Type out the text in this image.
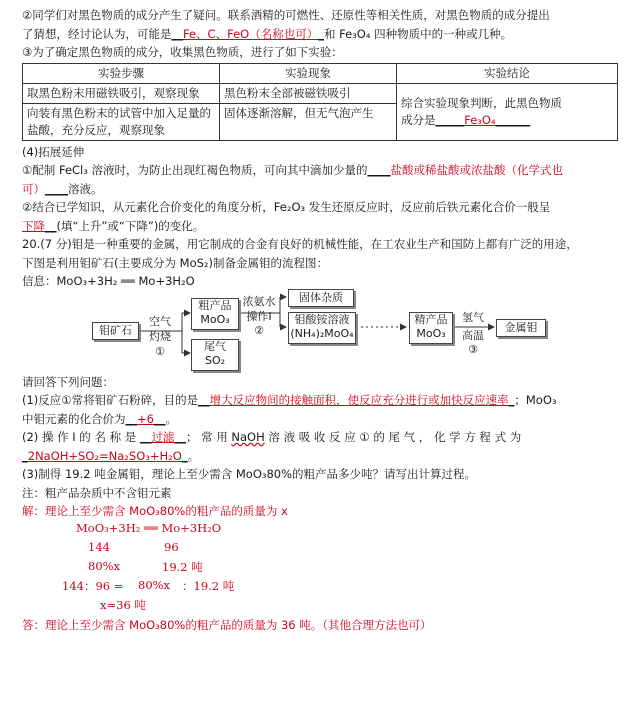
②同学们对黑色物质的成分产生了疑问。联系酒精的可燃性、还原性等相关性质，对黑色物质的成分提出
了猜想，经讨论认为，可能是__Fe、C、FeO（名称也可）_和 Fe₃O₄ 四种物质中的一种或几种。
③为了确定黑色物质的成分，收集黑色物质，进行了如下实验：
实验步骤	实验现象	实验结论
取黑色粉末用磁铁吸引，观察现象	黑色粉末全部被磁铁吸引	综合实验现象判断，此黑色物质
成分是_____Fe₃O₄______

向装有黑色粉末的试管中加入足量的盐酸，充分反应，观察现象	固体逐渐溶解，但无气泡产生	
(4)拓展延伸
①配制 FeCl₃ 溶液时，为防止出现红褐色物质，可向其中滴加少量的____盐酸或稀盐酸或浓盐酸（化学式也
可）____溶液。
②结合已学知识，从元素化合价变化的角度分析，Fe₂O₃ 发生还原反应时，反应前后铁元素化合价一般呈
下降__(填“上升”或“下降”)的变化。
20.(7 分)钼是一种重要的金属，用它制成的合金有良好的机械性能，在工农业生产和国防上都有广泛的用途，
下图是利用钼矿石(主要成分为 MoS₂)制备金属钼的流程图：
信息：MoO₃+3H₂ ══ Mo+3H₂O
钼矿石
空气
灼烧
①
粗产品
MoO₃
尾气
SO₂
浓氨水
操作Ⅰ
②
固体杂质
钼酸铵溶液
(NH₄)₂MoO₄
精产品
MoO₃
氢气
高温
③
金属钼
请回答下列问题：
(1)反应①常将钼矿石粉碎，目的是__增大反应物间的接触面积，使反应充分进行或加快反应速率_；MoO₃
中钼元素的化合价为__+6__。
(2) 操 作 Ⅰ 的 名 称 是 __过滤__； 常 用 NaOH 溶 液 吸 收 反 应 ① 的 尾 气 ， 化 学 方 程 式 为
_2NaOH+SO₂=Na₂SO₃+H₂O_。
(3)制得 19.2 吨金属钼，理论上至少需含 MoO₃80%的粗产品多少吨？请写出计算过程。
注：粗产品杂质中不含钼元素
解：理论上至少需含 MoO₃80%的粗产品的质量为 x
MoO₃+3H₂ ══ Mo+3H₂O
144	96
80%x	19.2 吨
144：96 = 80%x ：19.2 吨
x=36 吨
答：理论上至少需含 MoO₃80%的粗产品的质量为 36 吨。（其他合理方法也可）
